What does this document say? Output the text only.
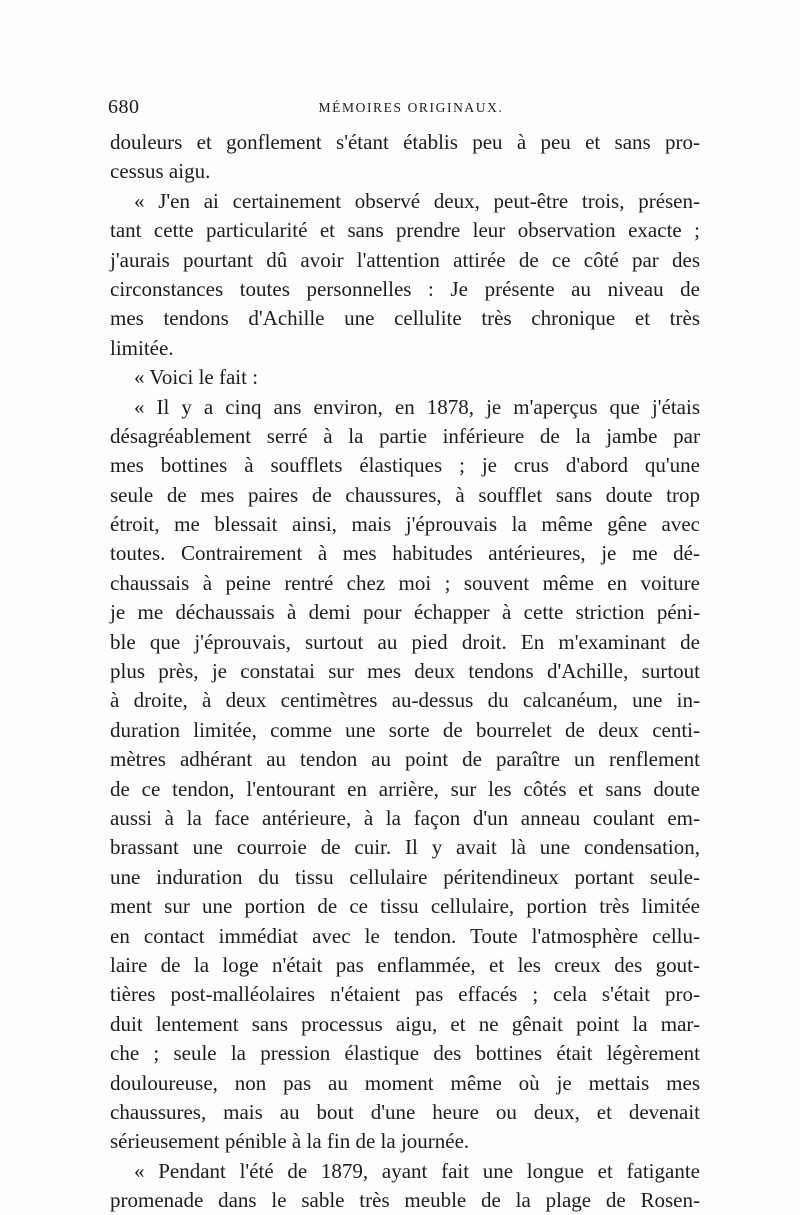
680	MÉMOIRES ORIGINAUX.
douleurs et gonflement s'étant établis peu à peu et sans pro-
cessus aigu.
« J'en ai certainement observé deux, peut-être trois, présen-
tant cette particularité et sans prendre leur observation exacte ;
j'aurais pourtant dû avoir l'attention attirée de ce côté par des
circonstances toutes personnelles : Je présente au niveau de
mes tendons d'Achille une cellulite très chronique et très
limitée.
« Voici le fait :
« Il y a cinq ans environ, en 1878, je m'aperçus que j'étais
désagréablement serré à la partie inférieure de la jambe par
mes bottines à soufflets élastiques ; je crus d'abord qu'une
seule de mes paires de chaussures, à soufflet sans doute trop
étroit, me blessait ainsi, mais j'éprouvais la même gêne avec
toutes. Contrairement à mes habitudes antérieures, je me dé-
chaussais à peine rentré chez moi ; souvent même en voiture
je me déchaussais à demi pour échapper à cette striction péni-
ble que j'éprouvais, surtout au pied droit. En m'examinant de
plus près, je constatai sur mes deux tendons d'Achille, surtout
à droite, à deux centimètres au-dessus du calcanéum, une in-
duration limitée, comme une sorte de bourrelet de deux centi-
mètres adhérant au tendon au point de paraître un renflement
de ce tendon, l'entourant en arrière, sur les côtés et sans doute
aussi à la face antérieure, à la façon d'un anneau coulant em-
brassant une courroie de cuir. Il y avait là une condensation,
une induration du tissu cellulaire péritendineux portant seule-
ment sur une portion de ce tissu cellulaire, portion très limitée
en contact immédiat avec le tendon. Toute l'atmosphère cellu-
laire de la loge n'était pas enflammée, et les creux des gout-
tières post-malléolaires n'étaient pas effacés ; cela s'était pro-
duit lentement sans processus aigu, et ne gênait point la mar-
che ; seule la pression élastique des bottines était légèrement
douloureuse, non pas au moment même où je mettais mes
chaussures, mais au bout d'une heure ou deux, et devenait
sérieusement pénible à la fin de la journée.
« Pendant l'été de 1879, ayant fait une longue et fatigante
promenade dans le sable très meuble de la plage de Rosen-
